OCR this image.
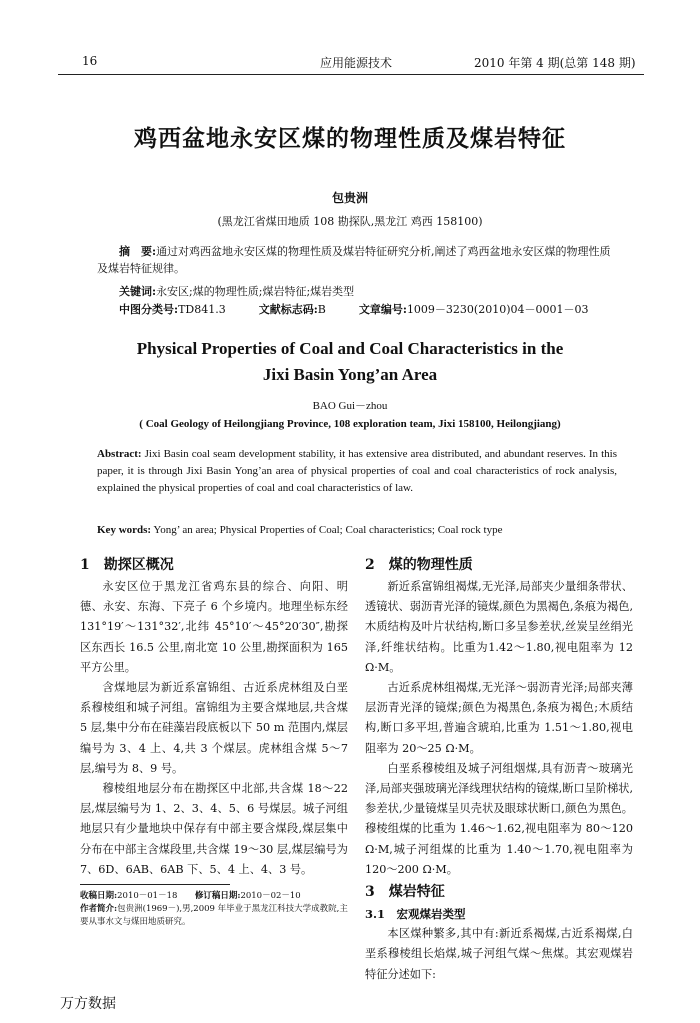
16	应用能源技术	2010 年第 4 期(总第 148 期)
鸡西盆地永安区煤的物理性质及煤岩特征
包贵洲
(黑龙江省煤田地质 108 勘探队,黑龙江 鸡西 158100)
摘　要:通过对鸡西盆地永安区煤的物理性质及煤岩特征研究分析,阐述了鸡西盆地永安区煤的物理性质及煤岩特征规律。
关键词:永安区;煤的物理性质;煤岩特征;煤岩类型
中图分类号:TD841.3	文献标志码:B	文章编号:1009－3230(2010)04－0001－03
Physical Properties of Coal and Coal Characteristics in the
Jixi Basin Yong’an Area
BAO Gui－zhou
( Coal Geology of Heilongjiang Province, 108 exploration team, Jixi 158100, Heilongjiang)
Abstract: Jixi Basin coal seam development stability, it has extensive area distributed, and abundant reserves. In this paper, it is through Jixi Basin Yong’an area of physical properties of coal and coal characteristics of rock analysis, explained the physical properties of coal and coal characteristics of law.
Key words: Yong’ an area; Physical Properties of Coal; Coal characteristics; Coal rock type
1　勘探区概况

永安区位于黑龙江省鸡东县的综合、向阳、明德、永安、东海、下亮子 6 个乡境内。地理坐标东经 131°19′～131°32′,北纬 45°10′～45°20′30″,勘探区东西长 16.5 公里,南北宽 10 公里,勘探面积为 165 平方公里。

含煤地层为新近系富锦组、古近系虎林组及白垩系穆棱组和城子河组。富锦组为主要含煤地层,共含煤 5 层,集中分布在硅藻岩段底板以下 50 m 范围内,煤层编号为 3、4 上、4,共 3 个煤层。虎林组含煤 5～7 层,编号为 8、9 号。

穆棱组地层分布在勘探区中北部,共含煤 18～22 层,煤层编号为 1、2、3、4、5、6 号煤层。城子河组地层只有少量地块中保存有中部主要含煤段,煤层集中分布在中部主含煤段里,共含煤 19～30 层,煤层编号为 7、6D、6AB、6AB 下、5、4 上、4、3 号。

收稿日期:2010－01－18 修订稿日期:2010－02－10
作者简介:包贵洲(1969－),男,2009 年毕业于黑龙江科技大学成教院,主要从事水文与煤田地质研究。
2　煤的物理性质

新近系富锦组褐煤,无光泽,局部夹少量细条带状、透镜状、弱沥青光泽的镜煤,颜色为黑褐色,条痕为褐色,木质结构及叶片状结构,断口多呈参差状,丝炭呈丝绢光泽,纤维状结构。比重为1.42～1.80,视电阻率为 12 Ω·M。

古近系虎林组褐煤,无光泽～弱沥青光泽;局部夹薄层沥青光泽的镜煤;颜色为褐黑色,条痕为褐色;木质结构,断口多平坦,普遍含琥珀,比重为 1.51～1.80,视电阻率为 20～25 Ω·M。

白垩系穆棱组及城子河组烟煤,具有沥青～玻璃光泽,局部夹强玻璃光泽线理状结构的镜煤,断口呈阶梯状,参差状,少量镜煤呈贝壳状及眼球状断口,颜色为黑色。穆棱组煤的比重为 1.46～1.62,视电阻率为 80～120 Ω·M,城子河组煤的比重为 1.40～1.70,视电阻率为 120～200 Ω·M。

3　煤岩特征
3.1　宏观煤岩类型

本区煤种繁多,其中有:新近系褐煤,古近系褐煤,白垩系穆棱组长焰煤,城子河组气煤～焦煤。其宏观煤岩特征分述如下:

万方数据
